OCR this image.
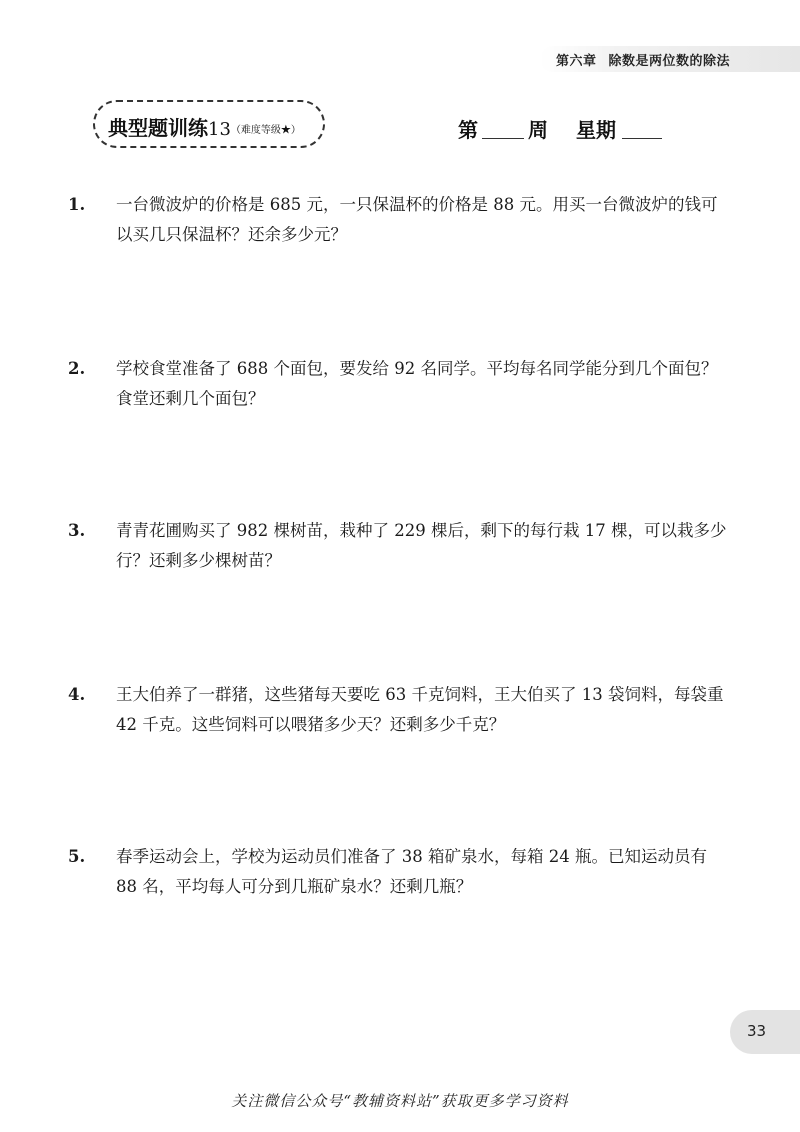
第六章 除数是两位数的除法
典型题训练13（难度等级★）	第	周 星期
1. 一台微波炉的价格是 685 元，一只保温杯的价格是 88 元。用买一台微波炉的钱可以买几只保温杯？还余多少元？
2. 学校食堂准备了 688 个面包，要发给 92 名同学。平均每名同学能分到几个面包？食堂还剩几个面包？
3. 青青花圃购买了 982 棵树苗，栽种了 229 棵后，剩下的每行栽 17 棵，可以栽多少行？还剩多少棵树苗？
4. 王大伯养了一群猪，这些猪每天要吃 63 千克饲料，王大伯买了 13 袋饲料，每袋重 42 千克。这些饲料可以喂猪多少天？还剩多少千克？
5. 春季运动会上，学校为运动员们准备了 38 箱矿泉水，每箱 24 瓶。已知运动员有 88 名，平均每人可分到几瓶矿泉水？还剩几瓶？
33
关注微信公众号“教辅资料站”获取更多学习资料
